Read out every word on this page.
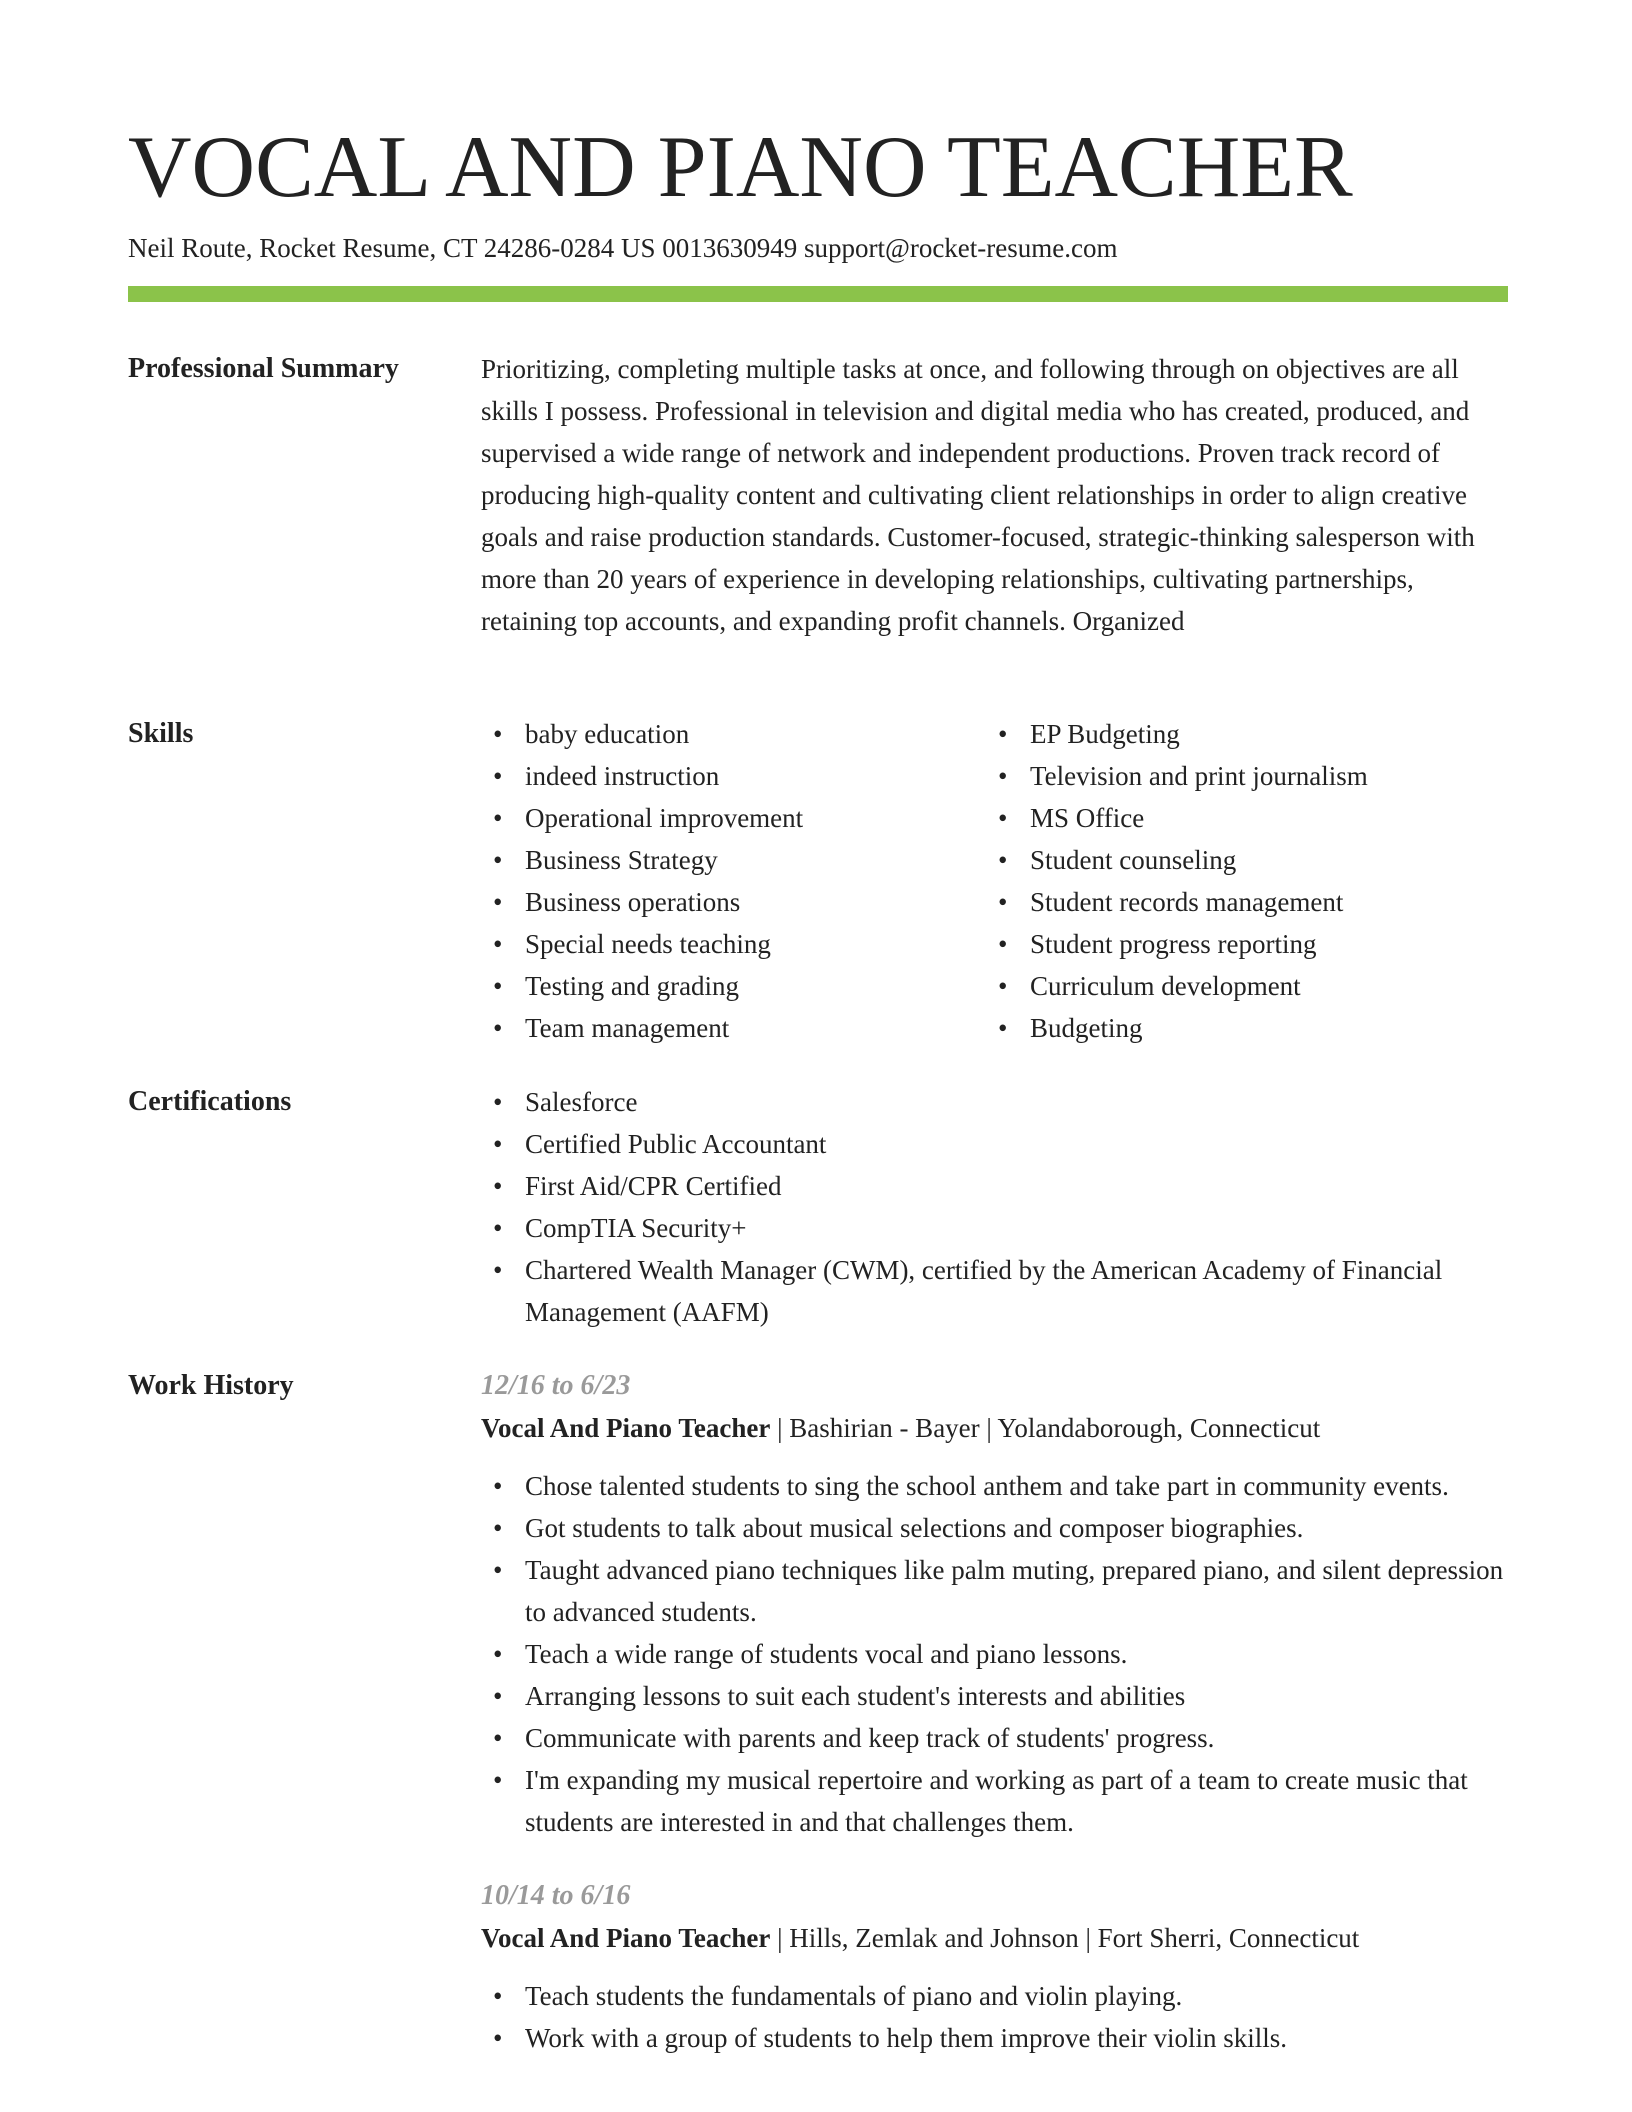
VOCAL AND PIANO TEACHER
Neil Route, Rocket Resume, CT 24286-0284 US 0013630949 support@rocket-resume.com
Professional Summary	Prioritizing, completing multiple tasks at once, and following through on objectives are all skills I possess. Professional in television and digital media who has created, produced, and supervised a wide range of network and independent productions. Proven track record of producing high-quality content and cultivating client relationships in order to align creative goals and raise production standards. Customer-focused, strategic-thinking salesperson with more than 20 years of experience in developing relationships, cultivating partnerships, retaining top accounts, and expanding profit channels. Organized
Skills	• baby education
• indeed instruction
• Operational improvement
• Business Strategy
• Business operations
• Special needs teaching
• Testing and grading
• Team management
• EP Budgeting
• Television and print journalism
• MS Office
• Student counseling
• Student records management
• Student progress reporting
• Curriculum development
• Budgeting
Certifications	• Salesforce
• Certified Public Accountant
• First Aid/CPR Certified
• CompTIA Security+
• Chartered Wealth Manager (CWM), certified by the American Academy of Financial Management (AAFM)
Work History	12/16 to 6/23
Vocal And Piano Teacher | Bashirian - Bayer | Yolandaborough, Connecticut
• Chose talented students to sing the school anthem and take part in community events.
• Got students to talk about musical selections and composer biographies.
• Taught advanced piano techniques like palm muting, prepared piano, and silent depression to advanced students.
• Teach a wide range of students vocal and piano lessons.
• Arranging lessons to suit each student's interests and abilities
• Communicate with parents and keep track of students' progress.
• I'm expanding my musical repertoire and working as part of a team to create music that students are interested in and that challenges them.
10/14 to 6/16
Vocal And Piano Teacher | Hills, Zemlak and Johnson | Fort Sherri, Connecticut
• Teach students the fundamentals of piano and violin playing.
• Work with a group of students to help them improve their violin skills.
